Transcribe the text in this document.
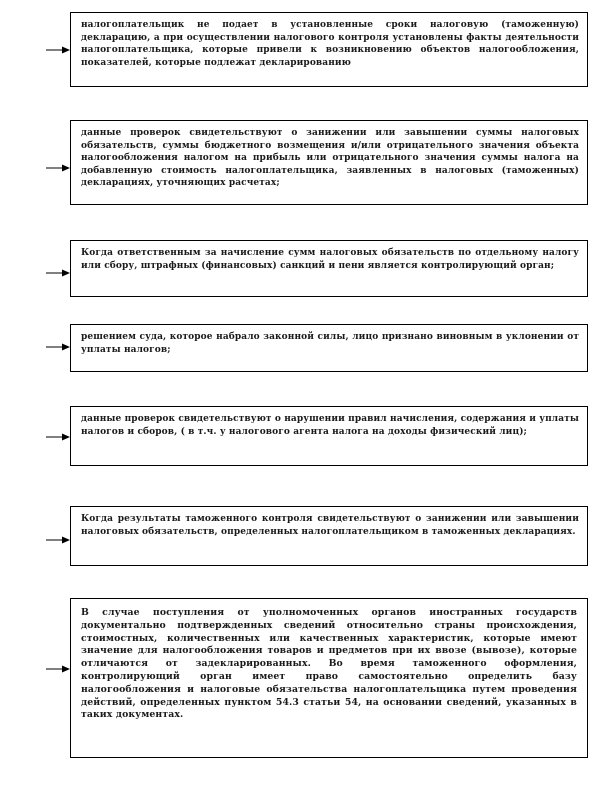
налогоплательщик не подает в установленные сроки налоговую (таможенную) декларацию, а при осуществлении налогового контроля установлены факты деятельности налогоплательщика, которые привели к возникновению объектов налогообложения, показателей, которые подлежат декларированию

данные проверок свидетельствуют о занижении или завышении суммы налоговых обязательств, суммы бюджетного возмещения и/или отрицательного значения объекта налогообложения налогом на прибыль или отрицательного значения суммы налога на добавленную стоимость налогоплательщика, заявленных в налоговых (таможенных) декларациях, уточняющих расчетах;

Когда ответственным за начисление сумм налоговых обязательств по отдельному налогу или сбору, штрафных (финансовых) санкций и пени является контролирующий орган;

решением суда, которое набрало законной силы, лицо признано виновным в уклонении от уплаты налогов;

данные проверок свидетельствуют о нарушении правил начисления, содержания и уплаты налогов и сборов, ( в т.ч. у налогового агента налога на доходы физический лиц);

Когда результаты таможенного контроля свидетельствуют о занижении или завышении налоговых обязательств, определенных налогоплательщиком в таможенных декларациях.

В случае поступления от уполномоченных органов иностранных государств документально подтвержденных сведений относительно страны происхождения, стоимостных, количественных или качественных характеристик, которые имеют значение для налогообложения товаров и предметов при их ввозе (вывозе), которые отличаются от задекларированных. Во время таможенного оформления, контролирующий орган имеет право самостоятельно определить базу налогообложения и налоговые обязательства налогоплательщика путем проведения действий, определенных пунктом 54.3 статьи 54, на основании сведений, указанных в таких документах.
